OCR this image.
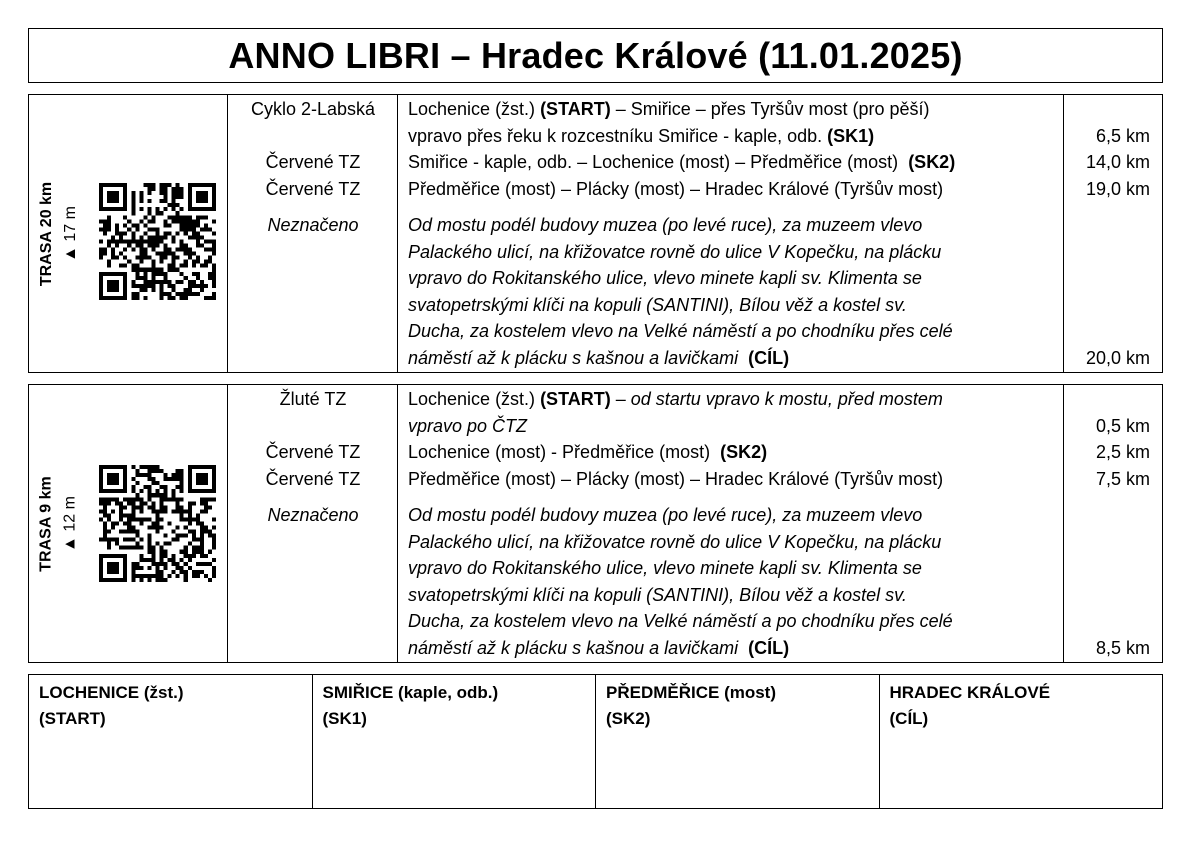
ANNO LIBRI – Hradec Králové (11.01.2025)
TRASA 20 km ▲ 17 m
Cyklo 2-Labská
Červené TZ
Červené TZ
Neznačeno
Lochenice (žst.) (START) – Smiřice – přes Tyršův most (pro pěší)
vpravo přes řeku k rozcestníku Smiřice - kaple, odb. (SK1)
Smiřice - kaple, odb. – Lochenice (most) – Předměřice (most)  (SK2)
Předměřice (most) – Plácky (most) – Hradec Králové (Tyršův most)
Od mostu podél budovy muzea (po levé ruce), za muzeem vlevo
Palackého ulicí, na křižovatce rovně do ulice V Kopečku, na plácku
vpravo do Rokitanského ulice, vlevo minete kapli sv. Klimenta se
svatopetrskými klíči na kopuli (SANTINI), Bílou věž a kostel sv.
Ducha, za kostelem vlevo na Velké náměstí a po chodníku přes celé
náměstí až k plácku s kašnou a lavičkami (CÍL)
6,5 km
14,0 km
19,0 km
20,0 km
TRASA 9 km ▲ 12 m
Žluté TZ
Červené TZ
Červené TZ
Neznačeno
Lochenice (žst.) (START) – od startu vpravo k mostu, před mostem
vpravo po ČTZ
Lochenice (most) - Předměřice (most)  (SK2)
Předměřice (most) – Plácky (most) – Hradec Králové (Tyršův most)
Od mostu podél budovy muzea (po levé ruce), za muzeem vlevo
Palackého ulicí, na křižovatce rovně do ulice V Kopečku, na plácku
vpravo do Rokitanského ulice, vlevo minete kapli sv. Klimenta se
svatopetrskými klíči na kopuli (SANTINI), Bílou věž a kostel sv.
Ducha, za kostelem vlevo na Velké náměstí a po chodníku přes celé
náměstí až k plácku s kašnou a lavičkami (CÍL)
0,5 km
2,5 km
7,5 km
8,5 km
LOCHENICE (žst.)
(START)
SMIŘICE (kaple, odb.)
(SK1)
PŘEDMĚŘICE (most)
(SK2)
HRADEC KRÁLOVÉ
(CÍL)
